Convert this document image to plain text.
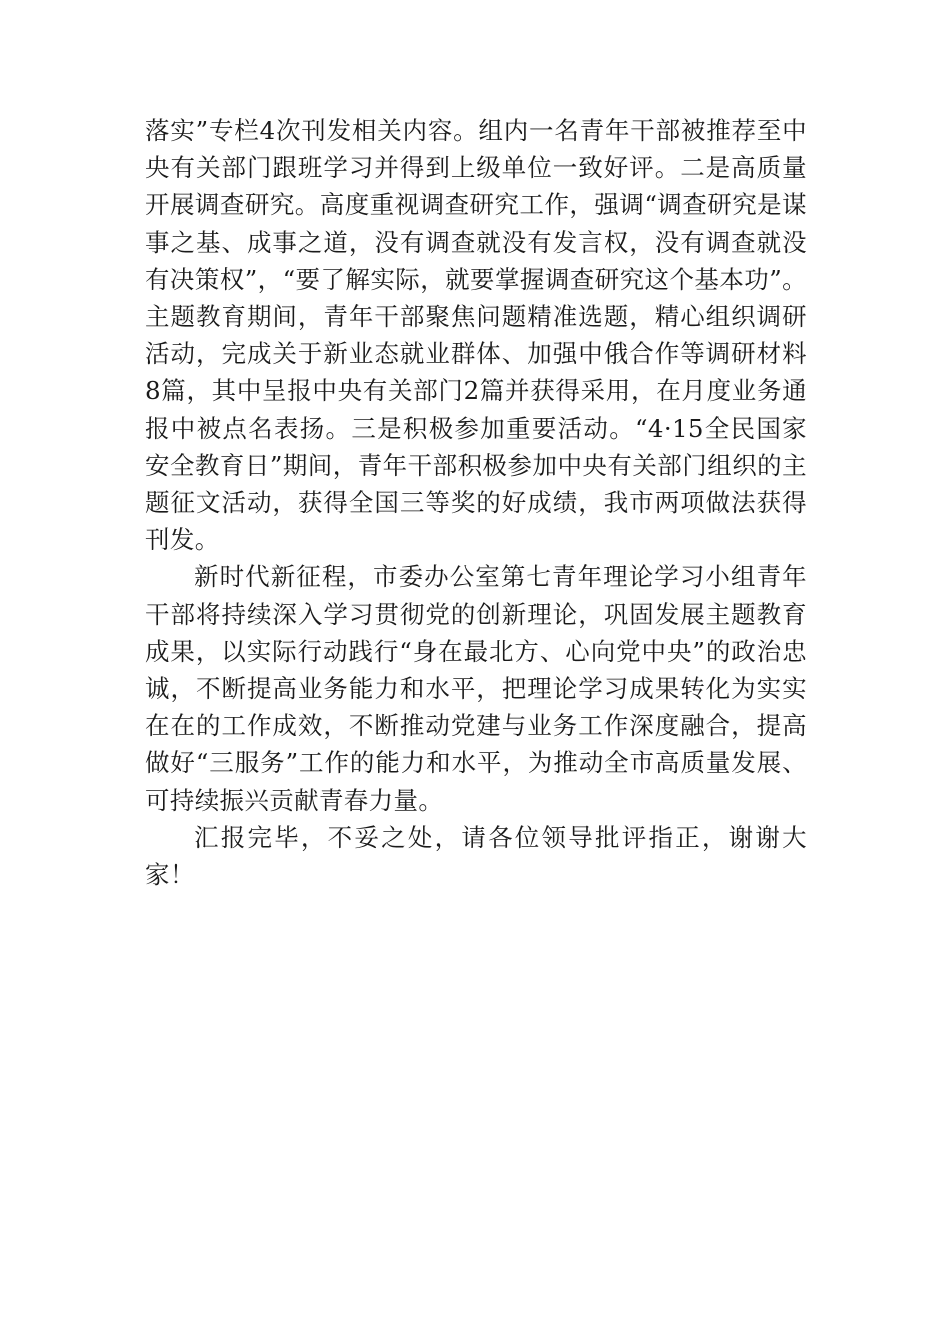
落实”专栏4次刊发相关内容。组内一名青年干部被推荐至中央有关部门跟班学习并得到上级单位一致好评。二是高质量开展调查研究。高度重视调查研究工作，强调“调查研究是谋事之基、成事之道，没有调查就没有发言权，没有调查就没有决策权”，“要了解实际，就要掌握调查研究这个基本功”。主题教育期间，青年干部聚焦问题精准选题，精心组织调研活动，完成关于新业态就业群体、加强中俄合作等调研材料8篇，其中呈报中央有关部门2篇并获得采用，在月度业务通报中被点名表扬。三是积极参加重要活动。“4·15全民国家安全教育日”期间，青年干部积极参加中央有关部门组织的主题征文活动，获得全国三等奖的好成绩，我市两项做法获得刊发。

新时代新征程，市委办公室第七青年理论学习小组青年干部将持续深入学习贯彻党的创新理论，巩固发展主题教育成果，以实际行动践行“身在最北方、心向党中央”的政治忠诚，不断提高业务能力和水平，把理论学习成果转化为实实在在的工作成效，不断推动党建与业务工作深度融合，提高做好“三服务”工作的能力和水平，为推动全市高质量发展、可持续振兴贡献青春力量。

汇报完毕，不妥之处，请各位领导批评指正，谢谢大家！
